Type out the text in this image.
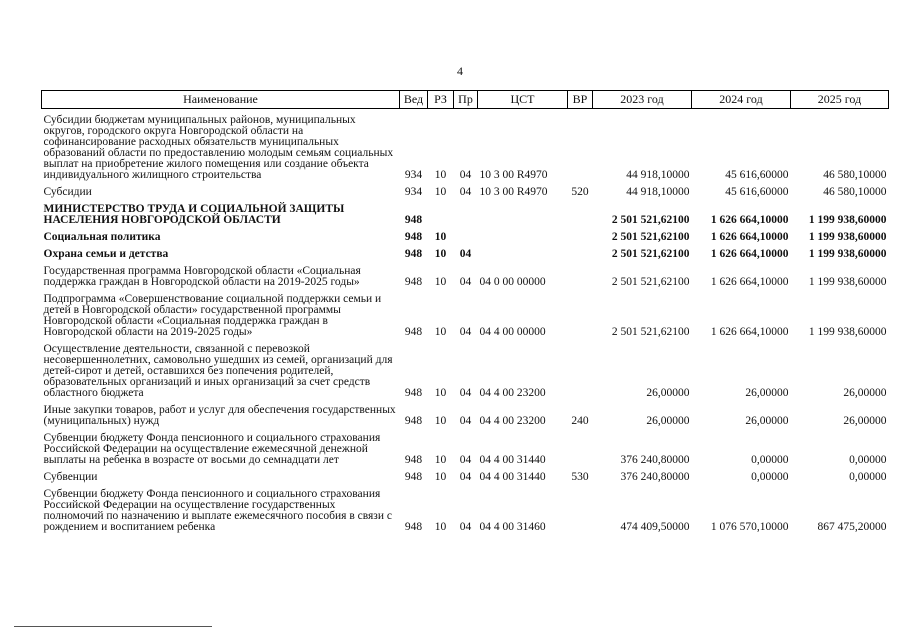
4
Наименование	Вед	РЗ	Пр	ЦСТ	ВР	2023 год	2024 год	2025 год
Субсидии бюджетам муниципальных районов, муниципальных округов, городского округа Новгородской области на софинансирование расходных обязательств муниципальных образований области по предоставлению молодым семьям социальных выплат на приобретение жилого помещения или создание объекта индивидуального жилищного строительства	934	10	04	10 3 00 R4970		44 918,10000	45 616,60000	46 580,10000
Субсидии	934	10	04	10 3 00 R4970	520	44 918,10000	45 616,60000	46 580,10000
МИНИСТЕРСТВО ТРУДА И СОЦИАЛЬНОЙ ЗАЩИТЫ НАСЕЛЕНИЯ НОВГОРОДСКОЙ ОБЛАСТИ	948					2 501 521,62100	1 626 664,10000	1 199 938,60000
Социальная политика	948	10				2 501 521,62100	1 626 664,10000	1 199 938,60000
Охрана семьи и детства	948	10	04			2 501 521,62100	1 626 664,10000	1 199 938,60000
Государственная программа Новгородской области «Социальная поддержка граждан в Новгородской области на 2019-2025 годы»	948	10	04	04 0 00 00000		2 501 521,62100	1 626 664,10000	1 199 938,60000
Подпрограмма «Совершенствование социальной поддержки семьи и детей в Новгородской области» государственной программы Новгородской области «Социальная поддержка граждан в Новгородской области на 2019-2025 годы»	948	10	04	04 4 00 00000		2 501 521,62100	1 626 664,10000	1 199 938,60000
Осуществление деятельности, связанной с перевозкой несовершеннолетних, самовольно ушедших из семей, организаций для детей-сирот и детей, оставшихся без попечения родителей, образовательных организаций и иных организаций за счет средств областного бюджета	948	10	04	04 4 00 23200		26,00000	26,00000	26,00000
Иные закупки товаров, работ и услуг для обеспечения государственных (муниципальных) нужд	948	10	04	04 4 00 23200	240	26,00000	26,00000	26,00000
Субвенции бюджету Фонда пенсионного и социального страхования Российской Федерации на осуществление ежемесячной денежной выплаты на ребенка в возрасте от восьми до семнадцати лет	948	10	04	04 4 00 31440		376 240,80000	0,00000	0,00000
Субвенции	948	10	04	04 4 00 31440	530	376 240,80000	0,00000	0,00000
Субвенции бюджету Фонда пенсионного и социального страхования Российской Федерации на осуществление государственных полномочий по назначению и выплате ежемесячного пособия в связи с рождением и воспитанием ребенка	948	10	04	04 4 00 31460		474 409,50000	1 076 570,10000	867 475,20000
